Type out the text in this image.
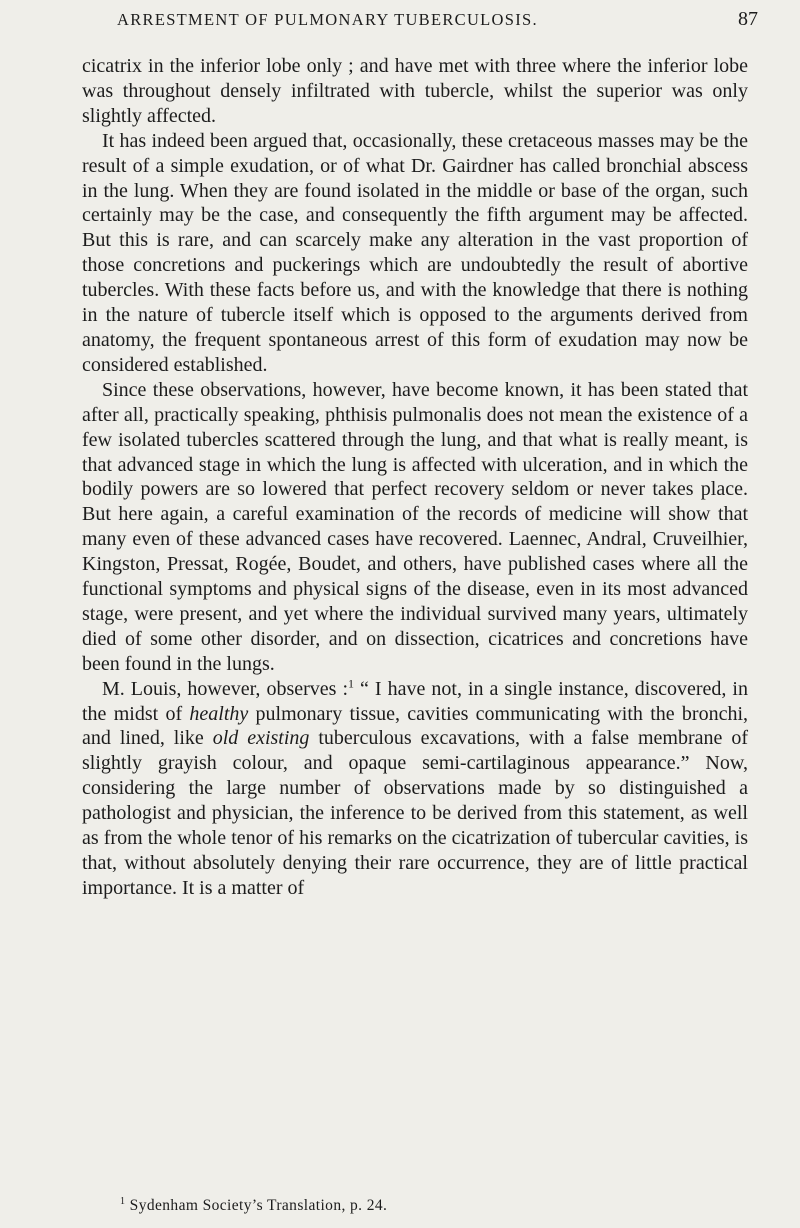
ARRESTMENT OF PULMONARY TUBERCULOSIS.	87

cicatrix in the inferior lobe only ; and have met with three where the inferior lobe was throughout densely infiltrated with tubercle, whilst the superior was only slightly affected.

It has indeed been argued that, occasionally, these cretaceous masses may be the result of a simple exudation, or of what Dr. Gairdner has called bronchial abscess in the lung. When they are found isolated in the middle or base of the organ, such certainly may be the case, and consequently the fifth argument may be affected. But this is rare, and can scarcely make any alteration in the vast proportion of those concretions and puckerings which are undoubtedly the result of abortive tubercles. With these facts before us, and with the knowledge that there is nothing in the nature of tubercle itself which is opposed to the arguments derived from anatomy, the frequent spontaneous arrest of this form of exudation may now be considered established.

Since these observations, however, have become known, it has been stated that after all, practically speaking, phthisis pulmonalis does not mean the existence of a few isolated tubercles scattered through the lung, and that what is really meant, is that advanced stage in which the lung is affected with ulceration, and in which the bodily powers are so lowered that perfect recovery seldom or never takes place. But here again, a careful examination of the records of medicine will show that many even of these advanced cases have recovered. Laennec, Andral, Cruveilhier, Kingston, Pressat, Rogée, Boudet, and others, have published cases where all the functional symptoms and physical signs of the disease, even in its most advanced stage, were present, and yet where the individual survived many years, ultimately died of some other disorder, and on dissection, cicatrices and concretions have been found in the lungs.

M. Louis, however, observes :$^1$ “ I have not, in a single instance, discovered, in the midst of healthy pulmonary tissue, cavities communicating with the bronchi, and lined, like old existing tuberculous excavations, with a false membrane of slightly grayish colour, and opaque semi-cartilaginous appearance.” Now, considering the large number of observations made by so distinguished a pathologist and physician, the inference to be derived from this statement, as well as from the whole tenor of his remarks on the cicatrization of tubercular cavities, is that, without absolutely denying their rare occurrence, they are of little practical importance. It is a matter of

$^1$ Sydenham Society’s Translation, p. 24.
